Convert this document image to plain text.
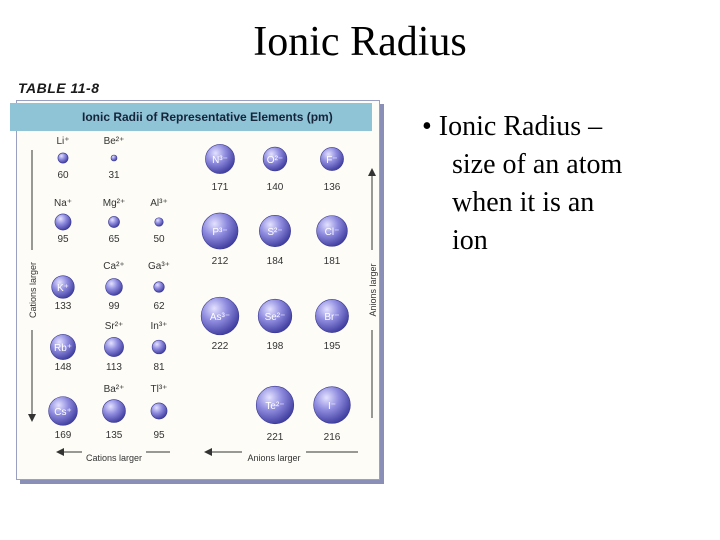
Ionic Radius
TABLE 11-8
Ionic Radii of Representative Elements (pm)
Cations larger	Anions larger
Cations larger	Anions larger
Li⁺
60
Be²⁺
31
Na⁺
95
Mg²⁺
65
Al³⁺
50
K⁺
133
Ca²⁺
99
Ga³⁺
62
Rb⁺
148
Sr²⁺
113
In³⁺
81
Cs⁺
169
Ba²⁺
135
Tl³⁺
95
N³⁻
171
O²⁻
140
F⁻
136
P³⁻
212
S²⁻
184
Cl⁻
181
As³⁻
222
Se²⁻
198
Br⁻
195
Te²⁻
221
I⁻
216
• Ionic Radius –
size of an atom
when it is an
ion
